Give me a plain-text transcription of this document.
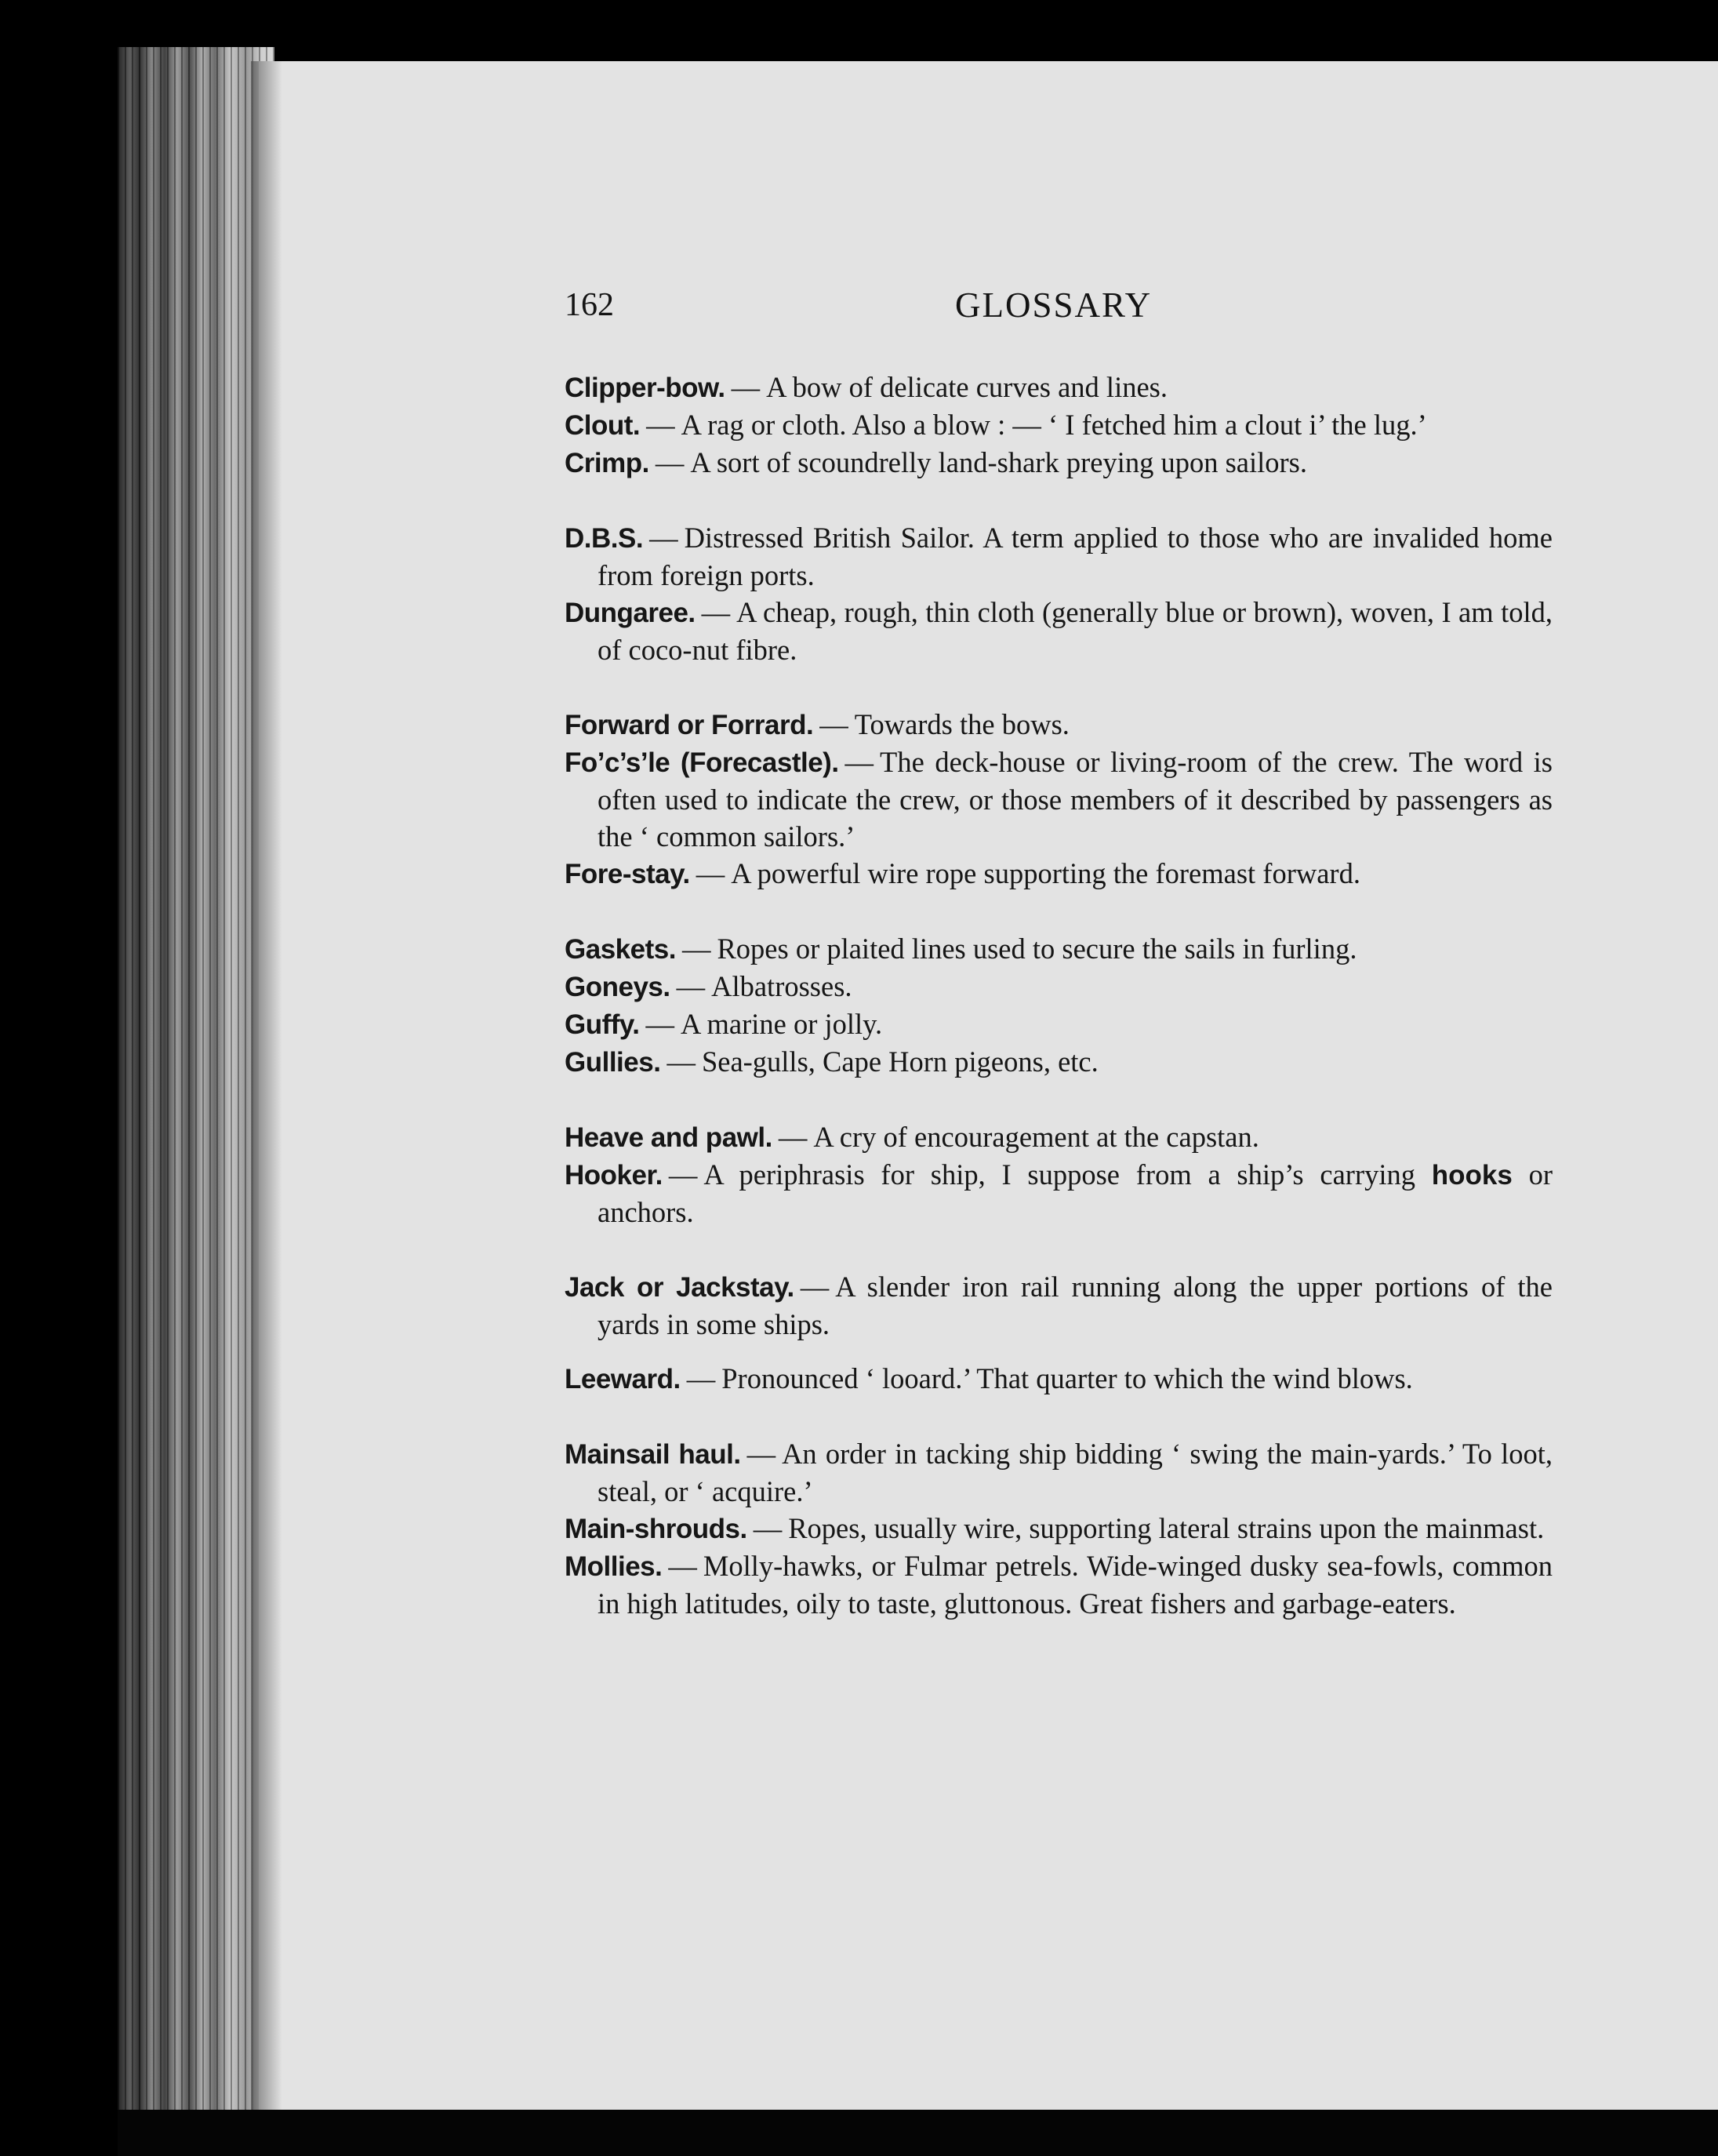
162	GLOSSARY

Clipper-bow. — A bow of delicate curves and lines.

Clout. — A rag or cloth. Also a blow : — ‘ I fetched him a clout i’ the lug.’

Crimp. — A sort of scoundrelly land-shark preying upon sailors.

D.B.S. — Distressed British Sailor. A term applied to those who are invalided home from foreign ports.

Dungaree. — A cheap, rough, thin cloth (generally blue or brown), woven, I am told, of coco-nut fibre.

Forward or Forrard. — Towards the bows.

Fo’c’s’le (Forecastle). — The deck-house or living-room of the crew. The word is often used to indicate the crew, or those members of it described by passengers as the ‘ common sailors.’

Fore-stay. — A powerful wire rope supporting the foremast forward.

Gaskets. — Ropes or plaited lines used to secure the sails in furling.

Goneys. — Albatrosses.

Guffy. — A marine or jolly.

Gullies. — Sea-gulls, Cape Horn pigeons, etc.

Heave and pawl. — A cry of encouragement at the capstan.

Hooker. — A periphrasis for ship, I suppose from a ship’s carrying hooks or anchors.

Jack or Jackstay. — A slender iron rail running along the upper portions of the yards in some ships.

Leeward. — Pronounced ‘ looard.’ That quarter to which the wind blows.

Mainsail haul. — An order in tacking ship bidding ‘ swing the main-yards.’ To loot, steal, or ‘ acquire.’

Main-shrouds. — Ropes, usually wire, supporting lateral strains upon the mainmast.

Mollies. — Molly-hawks, or Fulmar petrels. Wide-winged dusky sea-fowls, common in high latitudes, oily to taste, gluttonous. Great fishers and garbage-eaters.
